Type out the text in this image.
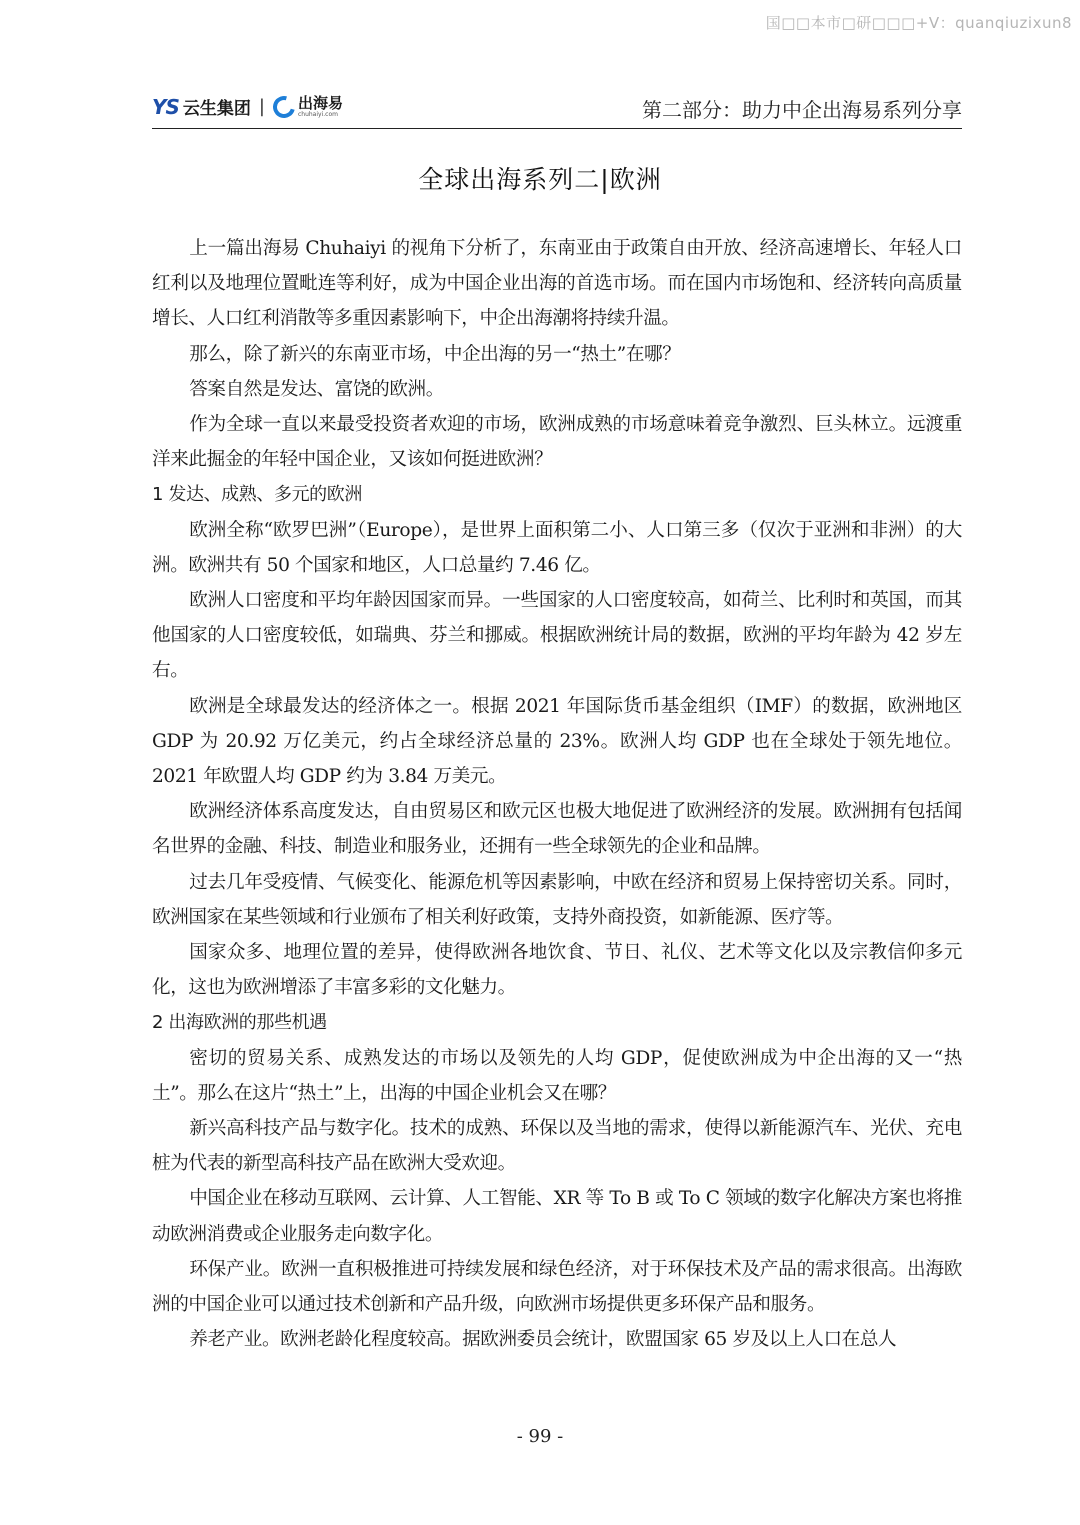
国□□本市□研□□□+V：quanqiuzixun8
YS 云生集团 | 出海易
chuhaiyi.com	第二部分：助力中企出海易系列分享
全球出海系列二|欧洲

上一篇出海易 Chuhaiyi 的视角下分析了，东南亚由于政策自由开放、经济高速增长、年轻人口红利以及地理位置毗连等利好，成为中国企业出海的首选市场。而在国内市场饱和、经济转向高质量增长、人口红利消散等多重因素影响下，中企出海潮将持续升温。

那么，除了新兴的东南亚市场，中企出海的另一“热土”在哪？

答案自然是发达、富饶的欧洲。

作为全球一直以来最受投资者欢迎的市场，欧洲成熟的市场意味着竞争激烈、巨头林立。远渡重洋来此掘金的年轻中国企业，又该如何挺进欧洲？

1 发达、成熟、多元的欧洲

欧洲全称“欧罗巴洲”（Europe），是世界上面积第二小、人口第三多（仅次于亚洲和非洲）的大洲。欧洲共有 50 个国家和地区，人口总量约 7.46 亿。

欧洲人口密度和平均年龄因国家而异。一些国家的人口密度较高，如荷兰、比利时和英国，而其他国家的人口密度较低，如瑞典、芬兰和挪威。根据欧洲统计局的数据，欧洲的平均年龄为 42 岁左右。

欧洲是全球最发达的经济体之一。根据 2021 年国际货币基金组织（IMF）的数据，欧洲地区 GDP 为 20.92 万亿美元，约占全球经济总量的 23%。欧洲人均 GDP 也在全球处于领先地位。2021 年欧盟人均 GDP 约为 3.84 万美元。

欧洲经济体系高度发达，自由贸易区和欧元区也极大地促进了欧洲经济的发展。欧洲拥有包括闻名世界的金融、科技、制造业和服务业，还拥有一些全球领先的企业和品牌。

过去几年受疫情、气候变化、能源危机等因素影响，中欧在经济和贸易上保持密切关系。同时，欧洲国家在某些领域和行业颁布了相关利好政策，支持外商投资，如新能源、医疗等。

国家众多、地理位置的差异，使得欧洲各地饮食、节日、礼仪、艺术等文化以及宗教信仰多元化，这也为欧洲增添了丰富多彩的文化魅力。

2 出海欧洲的那些机遇

密切的贸易关系、成熟发达的市场以及领先的人均 GDP，促使欧洲成为中企出海的又一“热土”。那么在这片“热土”上，出海的中国企业机会又在哪？

新兴高科技产品与数字化。技术的成熟、环保以及当地的需求，使得以新能源汽车、光伏、充电桩为代表的新型高科技产品在欧洲大受欢迎。

中国企业在移动互联网、云计算、人工智能、XR 等 To B 或 To C 领域的数字化解决方案也将推动欧洲消费或企业服务走向数字化。

环保产业。欧洲一直积极推进可持续发展和绿色经济，对于环保技术及产品的需求很高。出海欧洲的中国企业可以通过技术创新和产品升级，向欧洲市场提供更多环保产品和服务。

养老产业。欧洲老龄化程度较高。据欧洲委员会统计，欧盟国家 65 岁及以上人口在总人

- 99 -
